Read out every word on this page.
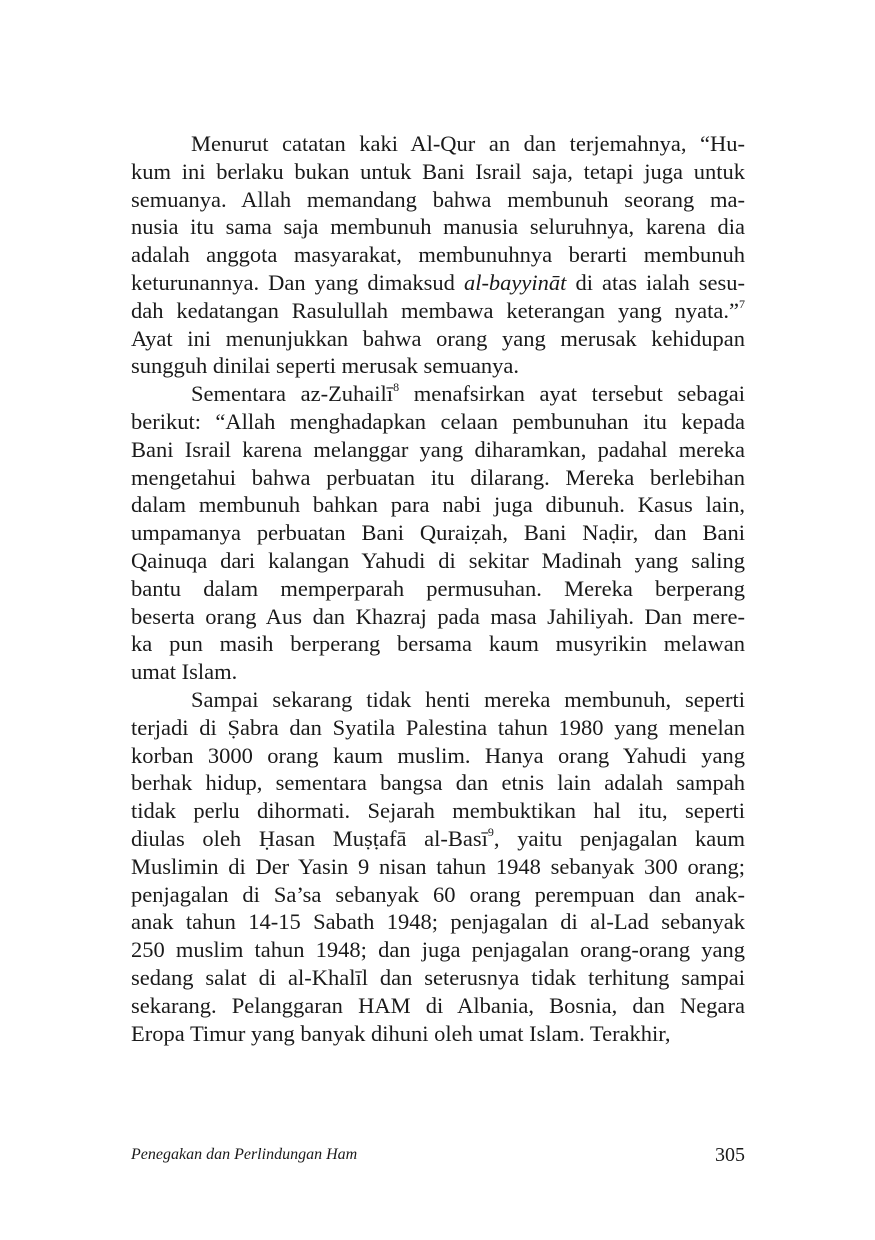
Menurut catatan kaki Al-Qur an dan terjemahnya, “Hu-
kum ini berlaku bukan untuk Bani Israil saja, tetapi juga untuk
semuanya. Allah memandang bahwa membunuh seorang ma-
nusia itu sama saja membunuh manusia seluruhnya, karena dia
adalah anggota masyarakat, membunuhnya berarti membunuh
keturunannya. Dan yang dimaksud al-bayyināt di atas ialah sesu-
dah kedatangan Rasulullah membawa keterangan yang nyata.”$^7$
Ayat ini menunjukkan bahwa orang yang merusak kehidupan
sungguh dinilai seperti merusak semuanya.
Sementara az-Zuhailī$^8$ menafsirkan ayat tersebut sebagai
berikut: “Allah menghadapkan celaan pembunuhan itu kepada
Bani Israil karena melanggar yang diharamkan, padahal mereka
mengetahui bahwa perbuatan itu dilarang. Mereka berlebihan
dalam membunuh bahkan para nabi juga dibunuh. Kasus lain,
umpamanya perbuatan Bani Quraiẓah, Bani Naḍir, dan Bani
Qainuqa dari kalangan Yahudi di sekitar Madinah yang saling
bantu dalam memperparah permusuhan. Mereka berperang
beserta orang Aus dan Khazraj pada masa Jahiliyah. Dan mere-
ka pun masih berperang bersama kaum musyrikin melawan
umat Islam.
Sampai sekarang tidak henti mereka membunuh, seperti
terjadi di Ṣabra dan Syatila Palestina tahun 1980 yang menelan
korban 3000 orang kaum muslim. Hanya orang Yahudi yang
berhak hidup, sementara bangsa dan etnis lain adalah sampah
tidak perlu dihormati. Sejarah membuktikan hal itu, seperti
diulas oleh Ḥasan Muṣṭafā al-Basī$^9$, yaitu penjagalan kaum
Muslimin di Der Yasin 9 nisan tahun 1948 sebanyak 300 orang;
penjagalan di Sa’sa sebanyak 60 orang perempuan dan anak-
anak tahun 14-15 Sabath 1948; penjagalan di al-Lad sebanyak
250 muslim tahun 1948; dan juga penjagalan orang-orang yang
sedang salat di al-Khalīl dan seterusnya tidak terhitung sampai
sekarang. Pelanggaran HAM di Albania, Bosnia, dan Negara
Eropa Timur yang banyak dihuni oleh umat Islam. Terakhir,
Penegakan dan Perlindungan Ham	305
